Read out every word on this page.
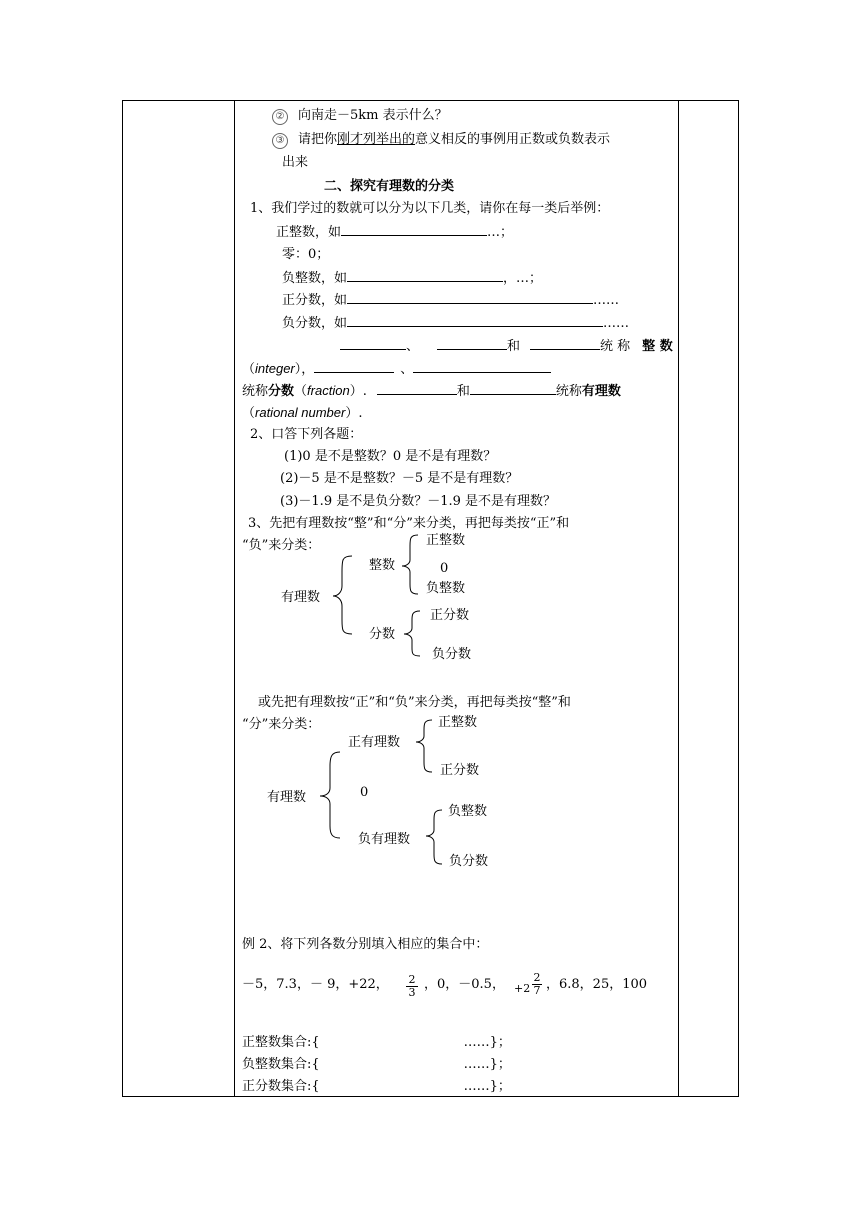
② 向南走－5km 表示什么？
③ 请把你刚才列举出的意义相反的事例用正数或负数表示
出来
二、探究有理数的分类
1、我们学过的数就可以分为以下几类，请你在每一类后举例：
正整数，如	…；
零：0；
负整数，如	，…；
正分数，如	……
负分数，如	……
、	和	统 称 整 数
（integer），	、
统称分数（fraction）.	和	统称有理数
（rational number）.
2、口答下列各题：
(1)0 是不是整数？0 是不是有理数？
(2)－5 是不是整数？－5 是不是有理数？
(3)－1.9 是不是负分数？－1.9 是不是有理数？
3、先把有理数按“整”和“分”来分类，再把每类按“正”和
“负”来分类：
有理数
整数
正整数
0
负整数
分数
正分数
负分数
或先把有理数按“正”和“负”来分类，再把每类按“整”和
“分”来分类：
有理数
正有理数
正整数
正分数
0
负有理数
负整数
负分数
例 2、将下列各数分别填入相应的集合中：
－5，7.3，－ 9，+22， $\frac{2}{3}$ ，0，－0.5， $+2 \frac{2}{7}$ ，6.8，25，100
正整数集合:{	……}；
负整数集合:{	……}；
正分数集合:{	……}；
